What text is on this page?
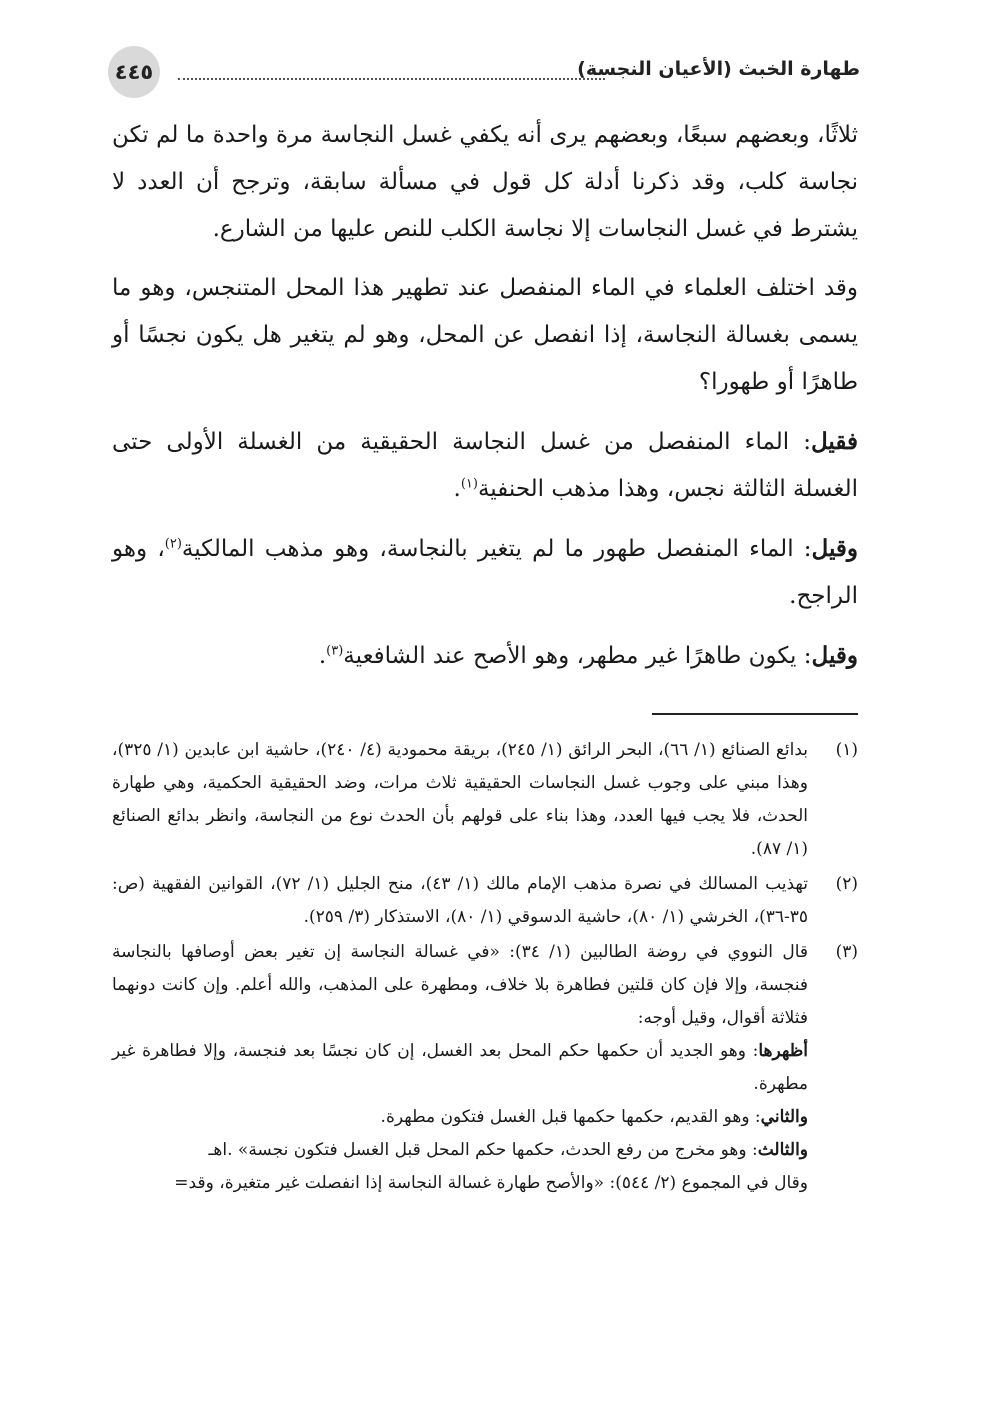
٤٤٥	طهارة الخبث (الأعيان النجسة)

ثلاثًا، وبعضهم سبعًا، وبعضهم يرى أنه يكفي غسل النجاسة مرة واحدة ما لم تكن نجاسة كلب، وقد ذكرنا أدلة كل قول في مسألة سابقة، وترجح أن العدد لا يشترط في غسل النجاسات إلا نجاسة الكلب للنص عليها من الشارع.

وقد اختلف العلماء في الماء المنفصل عند تطهير هذا المحل المتنجس، وهو ما يسمى بغسالة النجاسة، إذا انفصل عن المحل، وهو لم يتغير هل يكون نجسًا أو طاهرًا أو طهورا؟

فقيل: الماء المنفصل من غسل النجاسة الحقيقية من الغسلة الأولى حتى الغسلة الثالثة نجس، وهذا مذهب الحنفية$^{(١)}$.

وقيل: الماء المنفصل طهور ما لم يتغير بالنجاسة، وهو مذهب المالكية$^{(٢)}$، وهو الراجح.

وقيل: يكون طاهرًا غير مطهر، وهو الأصح عند الشافعية$^{(٣)}$.

(١)
بدائع الصنائع (١/ ٦٦)، البحر الرائق (١/ ٢٤٥)، بريقة محمودية (٤/ ٢٤٠)، حاشية ابن عابدين (١/ ٣٢٥)، وهذا مبني على وجوب غسل النجاسات الحقيقية ثلاث مرات، وضد الحقيقية الحكمية، وهي طهارة الحدث، فلا يجب فيها العدد، وهذا بناء على قولهم بأن الحدث نوع من النجاسة، وانظر بدائع الصنائع (١/ ٨٧).
(٢)
تهذيب المسالك في نصرة مذهب الإمام مالك (١/ ٤٣)، منح الجليل (١/ ٧٢)، القوانين الفقهية (ص: ٣٥-٣٦)، الخرشي (١/ ٨٠)، حاشية الدسوقي (١/ ٨٠)، الاستذكار (٣/ ٢٥٩).
(٣)
قال النووي في روضة الطالبين (١/ ٣٤): «في غسالة النجاسة إن تغير بعض أوصافها بالنجاسة فنجسة، وإلا فإن كان قلتين فطاهرة بلا خلاف، ومطهرة على المذهب، والله أعلم. وإن كانت دونهما فثلاثة أقوال، وقيل أوجه:
أظهرها: وهو الجديد أن حكمها حكم المحل بعد الغسل، إن كان نجسًا بعد فنجسة، وإلا فطاهرة غير مطهرة.
والثاني: وهو القديم، حكمها حكمها قبل الغسل فتكون مطهرة.
والثالث: وهو مخرج من رفع الحدث، حكمها حكم المحل قبل الغسل فتكون نجسة» .اهـ
وقال في المجموع (٢/ ٥٤٤): «والأصح طهارة غسالة النجاسة إذا انفصلت غير متغيرة، وقد=
